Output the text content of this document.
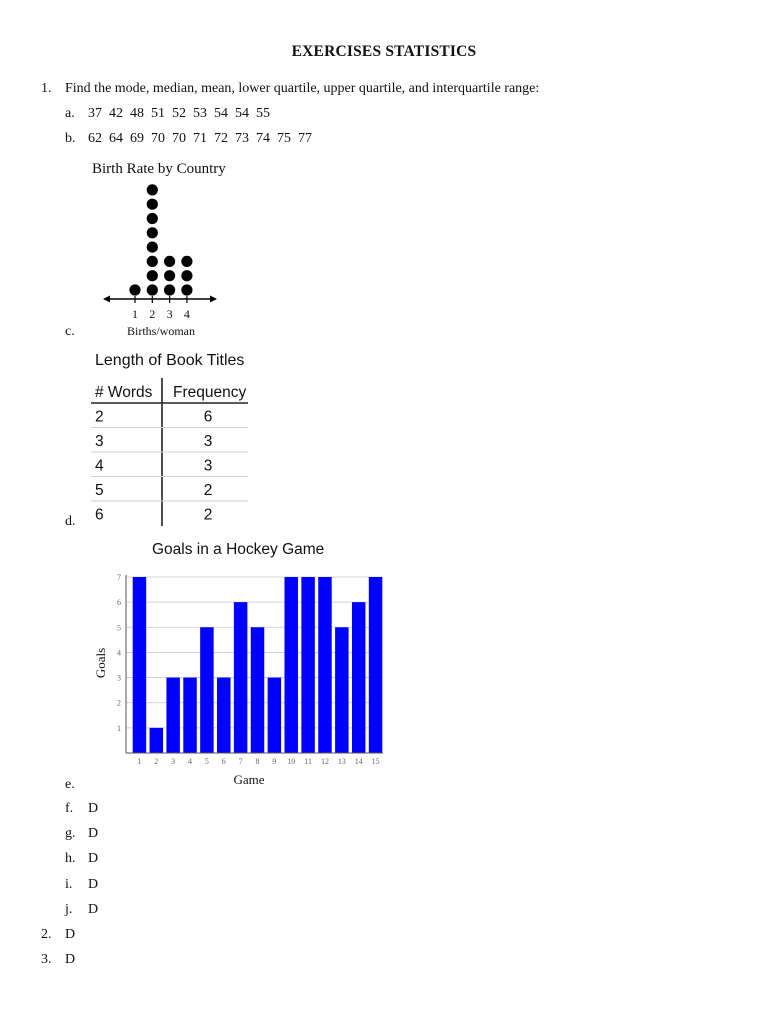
EXERCISES STATISTICS
1. Find the mode, median, mean, lower quartile, upper quartile, and interquartile range:
a. 37  42  48  51  52  53  54  54  55
b. 62  64  69  70  70  71  72  73  74  75  77
Birth Rate by Country
1 2 3 4
Births/woman
c.
Length of Book Titles
# Words Frequency
2	6
3	3
4	3
5	2
6	2
d.
Goals in a Hockey Game
1
2
3
4
5
6
7
1 2 3 4 5 6 7 8 9 10 11 12 13 14 15
Game
Goals
e.
f. D
g. D
h. D
i. D
j. D
2. D
3. D
